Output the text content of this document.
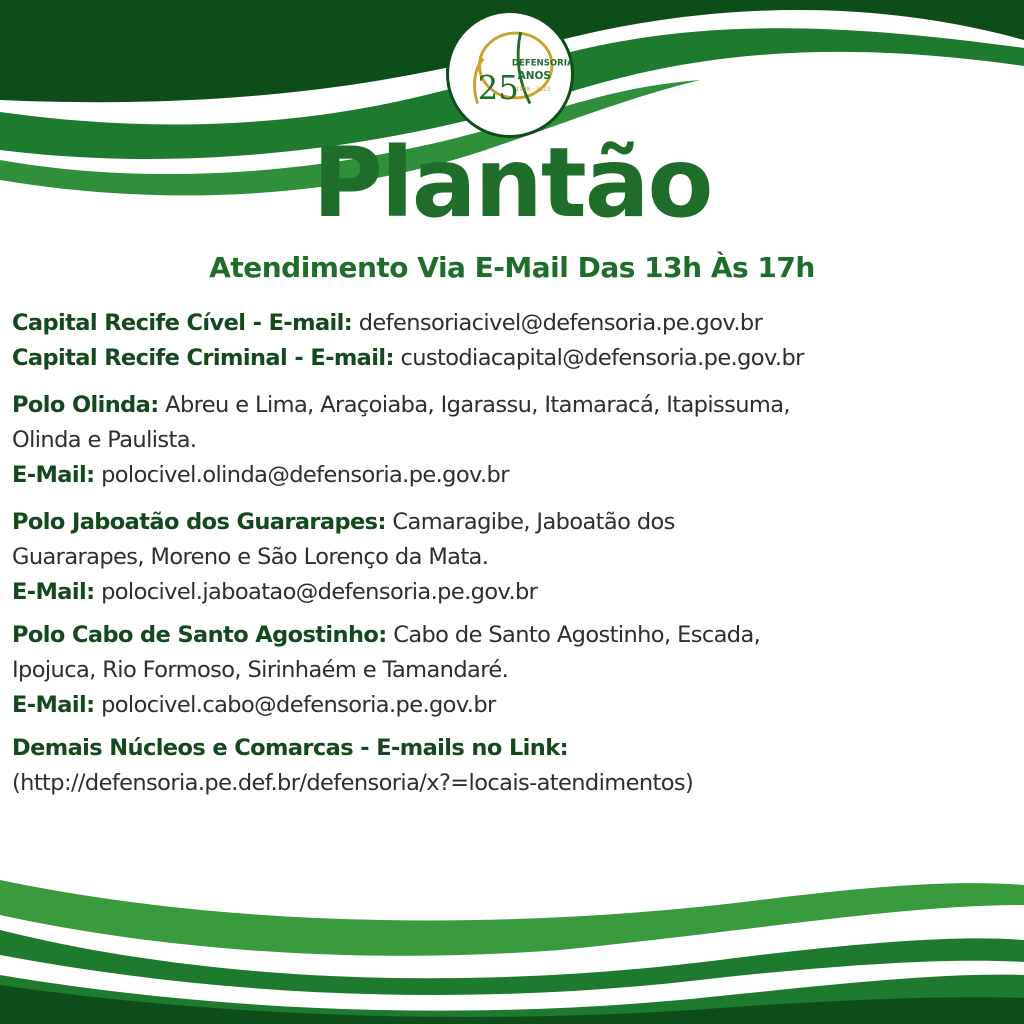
25
DEFENSORIA
ANOS
1998 · 2023
Plantão
Atendimento Via E-Mail Das 13h Às 17h

Capital Recife Cível - E-mail: defensoriacivel@defensoria.pe.gov.br

Capital Recife Criminal - E-mail: custodiacapital@defensoria.pe.gov.br

Polo Olinda: Abreu e Lima, Araçoiaba, Igarassu, Itamaracá, Itapissuma,

Olinda e Paulista.

E-Mail: polocivel.olinda@defensoria.pe.gov.br

Polo Jaboatão dos Guararapes: Camaragibe, Jaboatão dos

Guararapes, Moreno e São Lorenço da Mata.

E-Mail: polocivel.jaboatao@defensoria.pe.gov.br

Polo Cabo de Santo Agostinho: Cabo de Santo Agostinho, Escada,

Ipojuca, Rio Formoso, Sirinhaém e Tamandaré.

E-Mail: polocivel.cabo@defensoria.pe.gov.br

Demais Núcleos e Comarcas - E-mails no Link:

(http://defensoria.pe.def.br/defensoria/x?=locais-atendimentos)
